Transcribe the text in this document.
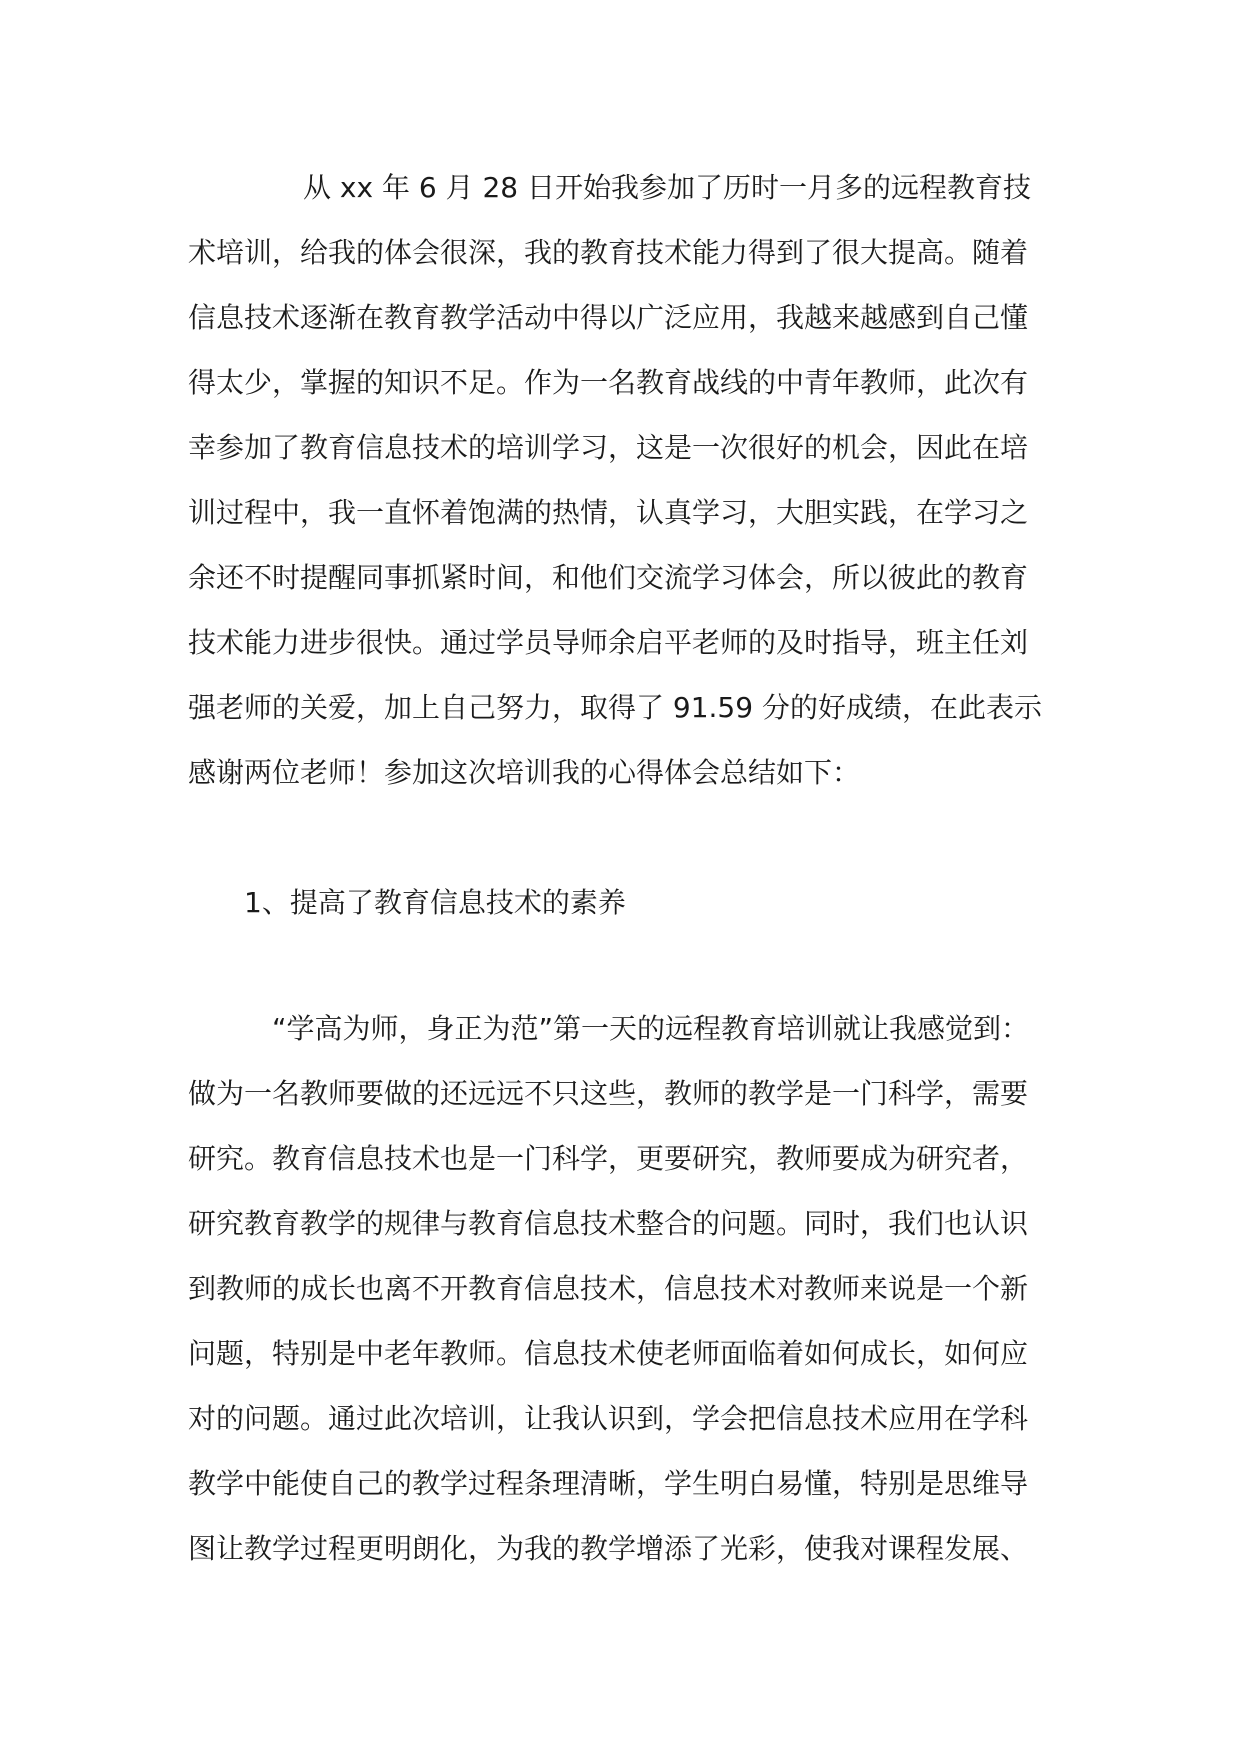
从 xx 年 6 月 28 日开始我参加了历时一月多的远程教育技
术培训，给我的体会很深，我的教育技术能力得到了很大提高。随着
信息技术逐渐在教育教学活动中得以广泛应用，我越来越感到自己懂
得太少，掌握的知识不足。作为一名教育战线的中青年教师，此次有
幸参加了教育信息技术的培训学习，这是一次很好的机会，因此在培
训过程中，我一直怀着饱满的热情，认真学习，大胆实践，在学习之
余还不时提醒同事抓紧时间，和他们交流学习体会，所以彼此的教育
技术能力进步很快。通过学员导师余启平老师的及时指导，班主任刘
强老师的关爱，加上自己努力，取得了 91.59 分的好成绩，在此表示
感谢两位老师！参加这次培训我的心得体会总结如下：
1、提高了教育信息技术的素养
“学高为师，身正为范”第一天的远程教育培训就让我感觉到：
做为一名教师要做的还远远不只这些，教师的教学是一门科学，需要
研究。教育信息技术也是一门科学，更要研究，教师要成为研究者，
研究教育教学的规律与教育信息技术整合的问题。同时，我们也认识
到教师的成长也离不开教育信息技术，信息技术对教师来说是一个新
问题，特别是中老年教师。信息技术使老师面临着如何成长，如何应
对的问题。通过此次培训，让我认识到，学会把信息技术应用在学科
教学中能使自己的教学过程条理清晰，学生明白易懂，特别是思维导
图让教学过程更明朗化，为我的教学增添了光彩，使我对课程发展、
